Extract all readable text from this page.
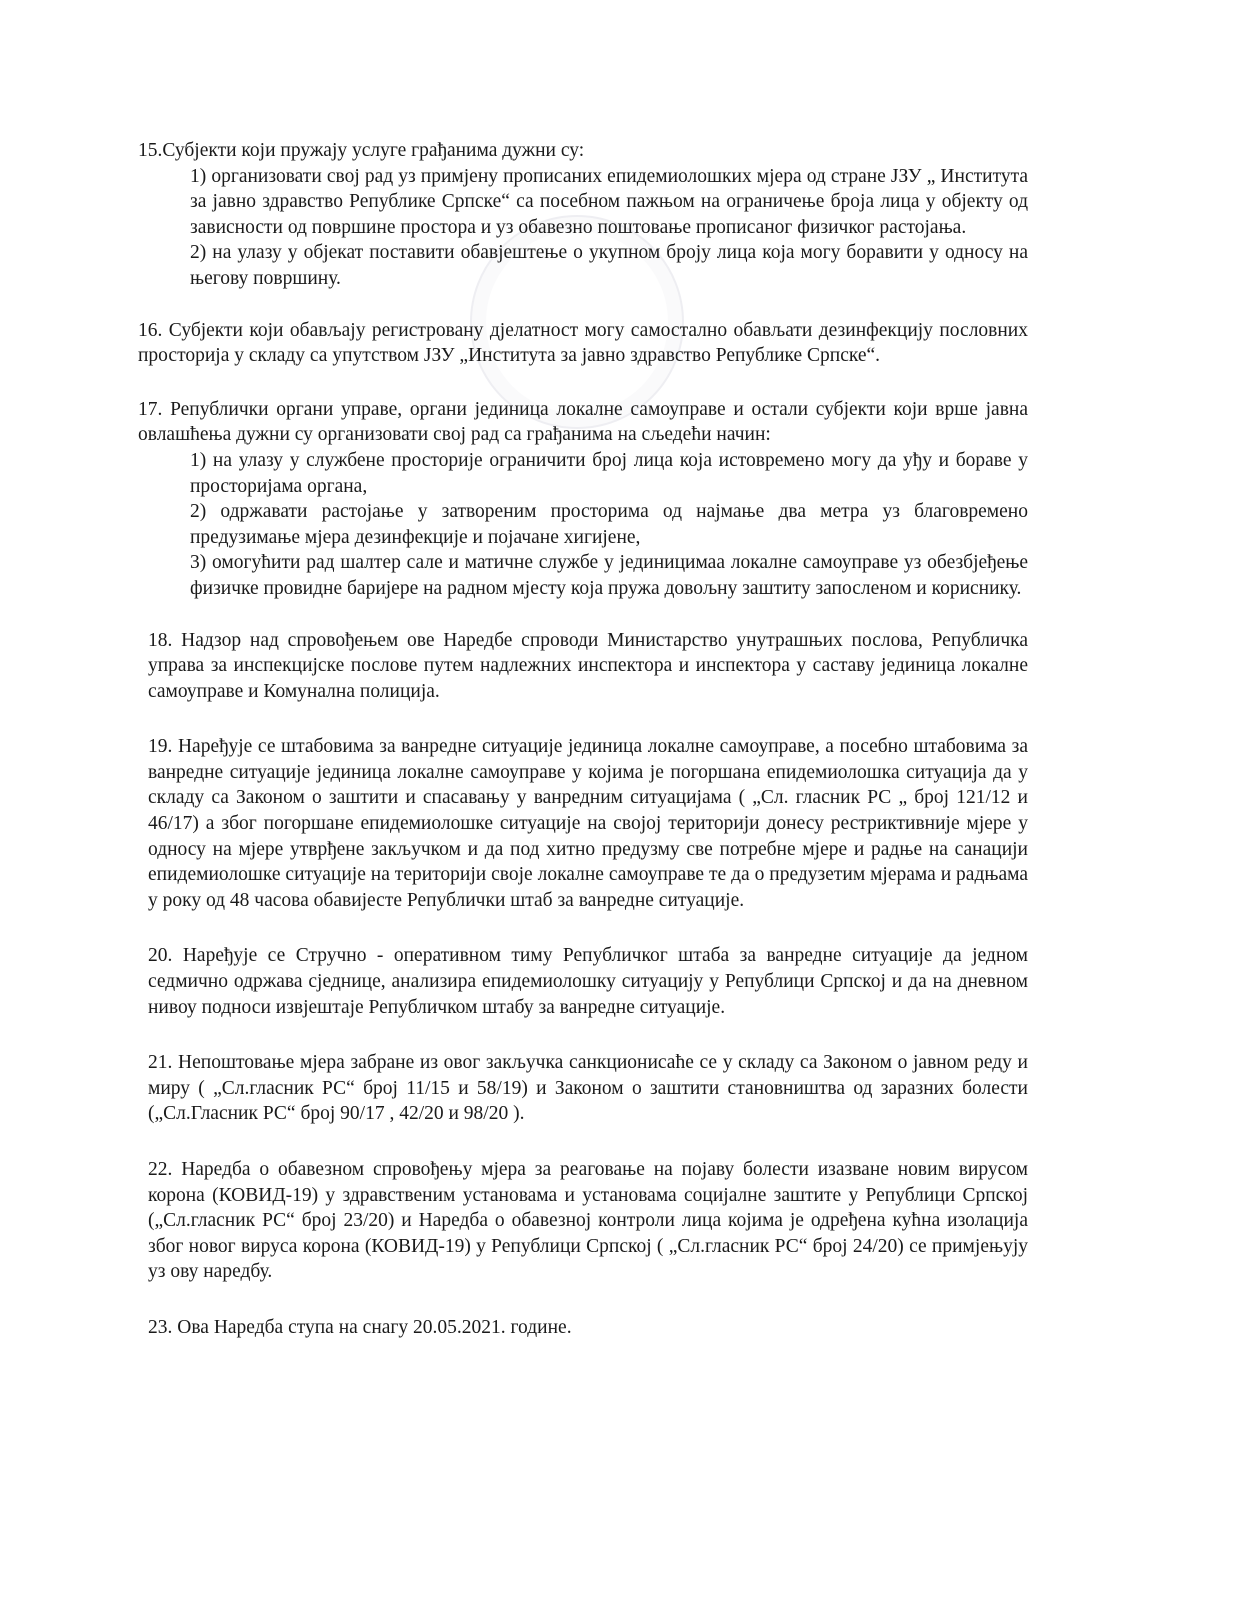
15.Субјекти који пружају услуге грађанима дужни су:

1) организовати свој рад уз примјену прописаних епидемиолошких мјера од стране ЈЗУ „ Института за јавно здравство Републике Српске“ са посебном пажњом на ограничење броја лица у објекту од зависности од површине простора и уз обавезно поштовање прописаног физичког растојања.

2) на улазу у објекат поставити обавјештење о укупном броју лица која могу боравити у односу на његову површину.

16. Субјекти који обављају регистровану дјелатност могу самостално обављати дезинфекцију пословних просторија у складу са упутством ЈЗУ „Института за јавно здравство Републике Српске“.

17. Републички органи управе, органи јединица локалне самоуправе и остали субјекти који врше јавна овлашћења дужни су организовати свој рад са грађанима на сљедећи начин:

1) на улазу у службене просторије ограничити број лица која истовремено могу да уђу и бораве у просторијама органа,

2) одржавати растојање у затвореним просторима од најмање два метра уз благовремено предузимање мјера дезинфекције и појачане хигијене,

3) омогућити рад шалтер сале и матичне службе у јединицимаа локалне самоуправе уз обезбјеђење физичке провидне баријере на радном мјесту која пружа довољну заштиту запосленом и кориснику.

18. Надзор над спровођењем ове Наредбе спроводи Министарство унутрашњих послова, Републичка управа за инспекцијске послове путем надлежних инспектора и инспектора у саставу јединица локалне самоуправе и Комунална полиција.

19. Наређује се штабовима за ванредне ситуације јединица локалне самоуправе, а посебно штабовима за ванредне ситуације јединица локалне самоуправе у којима је погоршана епидемиолошка ситуација да у складу са Законом о заштити и спасавању у ванредним ситуацијама ( „Сл. гласник РС „ број 121/12 и 46/17) а због погоршане епидемиолошке ситуације на својој територији донесу рестриктивније мјере у односу на мјере утврђене закључком и да под хитно предузму све потребне мјере и радње на санацији епидемиолошке ситуације на територији своје локалне самоуправе те да о предузетим мјерама и радњама у року од 48 часова обавијесте Републички штаб за ванредне ситуације.

20. Наређује се Стручно - оперативном тиму Републичког штаба за ванредне ситуације да једном седмично одржава сједнице, анализира епидемиолошку ситуацију у Републици Српској и да на дневном нивоу подноси извјештаје Републичком штабу за ванредне ситуације.

21. Непоштовање мјера забране из овог закључка санкционисаће се у складу са Законом о јавном реду и миру ( „Сл.гласник РС“ број 11/15 и 58/19) и Законом о заштити становништва од заразних болести („Сл.Гласник РС“ број 90/17 , 42/20 и 98/20 ).

22. Наредба о обавезном спровођењу мјера за реаговање на појаву болести изазване новим вирусом корона (КОВИД-19) у здравственим установама и установама социјалне заштите у Републици Српској („Сл.гласник РС“ број 23/20) и Наредба о обавезној контроли лица којима је одређена кућна изолација због новог вируса корона (КОВИД-19) у Републици Српској ( „Сл.гласник РС“ број 24/20) се примјењују уз ову наредбу.

23. Ова Наредба ступа на снагу 20.05.2021. године.
